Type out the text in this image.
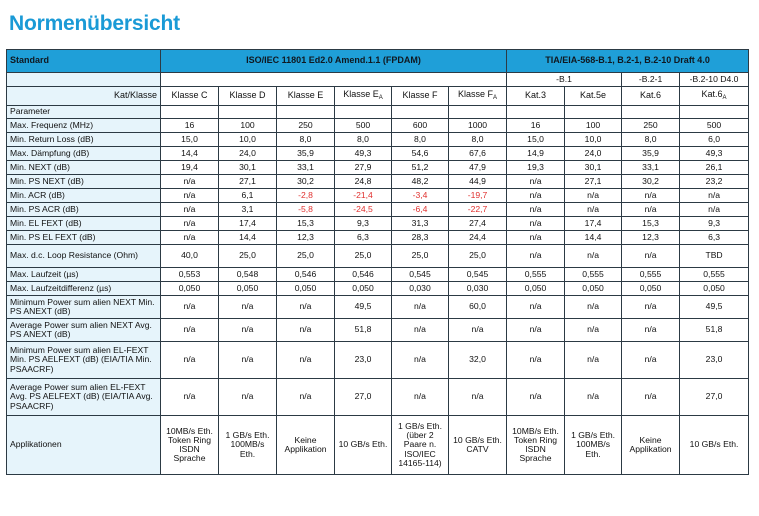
Normenübersicht
Standard	ISO/IEC 11801 Ed2.0 Amend.1.1 (FPDAM)						TIA/EIA-568-B.1, B.2-1, B.2-10 Draft 4.0			
							-B.1		-B.2-1	-B.2-10 D4.0
Kat/Klasse	Klasse C	Klasse D	Klasse E	Klasse $E_A$	Klasse F	Klasse $F_A$	Kat.3	Kat.5e	Kat.6	$Kat.6_A$
Parameter										
Max. Frequenz (MHz)	16	100	250	500	600	1000	16	100	250	500
Min. Return Loss (dB)	15,0	10,0	8,0	8,0	8,0	8,0	15,0	10,0	8,0	6,0
Max. Dämpfung (dB)	14,4	24,0	35,9	49,3	54,6	67,6	14,9	24,0	35,9	49,3
Min. NEXT (dB)	19,4	30,1	33,1	27,9	51,2	47,9	19,3	30,1	33,1	26,1
Min. PS NEXT (dB)	n/a	27,1	30,2	24,8	48,2	44,9	n/a	27,1	30,2	23,2
Min. ACR (dB)	n/a	6,1	-2,8	-21,4	-3,4	-19,7	n/a	n/a	n/a	n/a
Min. PS ACR (dB)	n/a	3,1	-5,8	-24,5	-6,4	-22,7	n/a	n/a	n/a	n/a
Min. EL FEXT (dB)	n/a	17,4	15,3	9,3	31,3	27,4	n/a	17,4	15,3	9,3
Min. PS EL FEXT (dB)	n/a	14,4	12,3	6,3	28,3	24,4	n/a	14,4	12,3	6,3
Max. d.c. Loop Resistance (Ohm)	40,0	25,0	25,0	25,0	25,0	25,0	n/a	n/a	n/a	TBD
Max. Laufzeit (µs)	0,553	0,548	0,546	0,546	0,545	0,545	0,555	0,555	0,555	0,555
Max. Laufzeitdifferenz (µs)	0,050	0,050	0,050	0,050	0,030	0,030	0,050	0,050	0,050	0,050
Minimum Power sum alien NEXT Min. PS ANEXT (dB)	n/a	n/a	n/a	49,5	n/a	60,0	n/a	n/a	n/a	49,5
Average Power sum alien NEXT Avg. PS ANEXT (dB)	n/a	n/a	n/a	51,8	n/a	n/a	n/a	n/a	n/a	51,8
Minimum Power sum alien EL-FEXT Min. PS AELFEXT (dB) (EIA/TIA Min. PSAACRF)	n/a	n/a	n/a	23,0	n/a	32,0	n/a	n/a	n/a	23,0
Average Power sum alien EL-FEXT Avg. PS AELFEXT (dB) (EIA/TIA Avg. PSAACRF)	n/a	n/a	n/a	27,0	n/a	n/a	n/a	n/a	n/a	27,0
Applikationen	10MB/s Eth. Token Ring ISDN Sprache	1 GB/s Eth. 100MB/s Eth.	Keine Applikation	10 GB/s Eth.	1 GB/s Eth. (über 2 Paare n. ISO/IEC 14165-114)	10 GB/s Eth. CATV	10MB/s Eth. Token Ring ISDN Sprache	1 GB/s Eth. 100MB/s Eth.	Keine Applikation	10 GB/s Eth.
